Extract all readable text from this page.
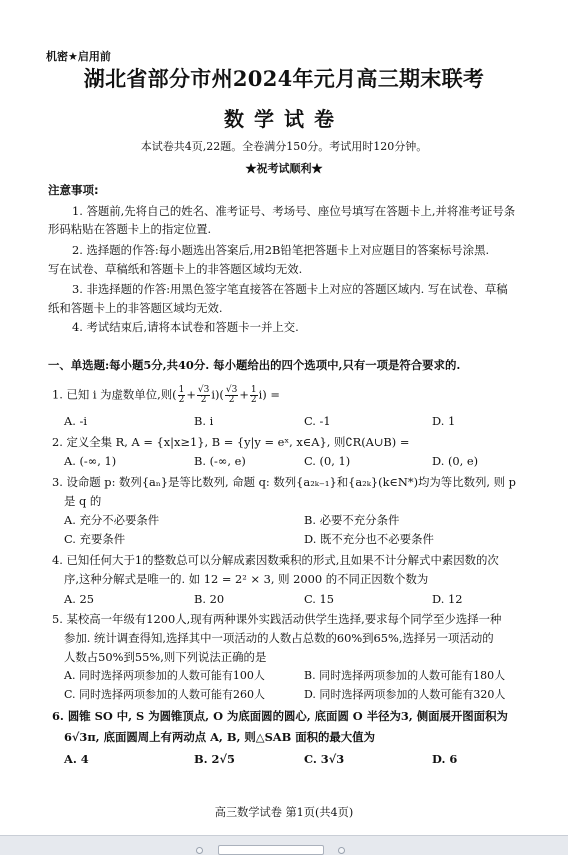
机密★启用前
湖北省部分市州2024年元月高三期末联考
数学试卷
本试卷共4页,22题。全卷满分150分。考试用时120分钟。
★祝考试顺利★
注意事项:
1. 答题前,先将自己的姓名、准考证号、考场号、座位号填写在答题卡上,并将准考证号条
形码粘贴在答题卡上的指定位置.
2. 选择题的作答:每小题选出答案后,用2B铅笔把答题卡上对应题目的答案标号涂黑.
写在试卷、草稿纸和答题卡上的非答题区域均无效.
3. 非选择题的作答:用黑色签字笔直接答在答题卡上对应的答题区域内. 写在试卷、草稿
纸和答题卡上的非答题区域均无效.
4. 考试结束后,请将本试卷和答题卡一并上交.
一、单选题:每小题5分,共40分. 每小题给出的四个选项中,只有一项是符合要求的.
1. 已知 i 为虚数单位,则( $\frac{1}{2} + \frac{√3}{2} i)( \frac{√3}{2} + \frac{1}{2} i)$ =
A. -i	B. i	C. -1	D. 1
2. 定义全集 R, A = {x|x≥1}, B = {y|y = eˣ, x∈A}, 则∁R(A∪B) =
A. (-∞, 1)	B. (-∞, e)	C. (0, 1)	D. (0, e)
3. 设命题 p: 数列{aₙ}是等比数列, 命题 q: 数列{a₂ₖ₋₁}和{a₂ₖ}(k∈N*)均为等比数列, 则 p
是 q 的
A. 充分不必要条件	B. 必要不充分条件
C. 充要条件	D. 既不充分也不必要条件
4. 已知任何大于1的整数总可以分解成素因数乘积的形式,且如果不计分解式中素因数的次
序,这种分解式是唯一的. 如 12 = 2² × 3, 则 2000 的不同正因数个数为
A. 25	B. 20	C. 15	D. 12
5. 某校高一年级有1200人,现有两种课外实践活动供学生选择,要求每个同学至少选择一种
参加. 统计调查得知,选择其中一项活动的人数占总数的60%到65%,选择另一项活动的
人数占50%到55%,则下列说法正确的是
A. 同时选择两项参加的人数可能有100人	B. 同时选择两项参加的人数可能有180人
C. 同时选择两项参加的人数可能有260人	D. 同时选择两项参加的人数可能有320人
6. 圆锥 SO 中, S 为圆锥顶点, O 为底面圆的圆心, 底面圆 O 半径为3, 侧面展开图面积为
6√3π, 底面圆周上有两动点 A, B, 则△SAB 面积的最大值为
A. 4	B. 2√5	C. 3√3	D. 6
高三数学试卷 第1页(共4页)
